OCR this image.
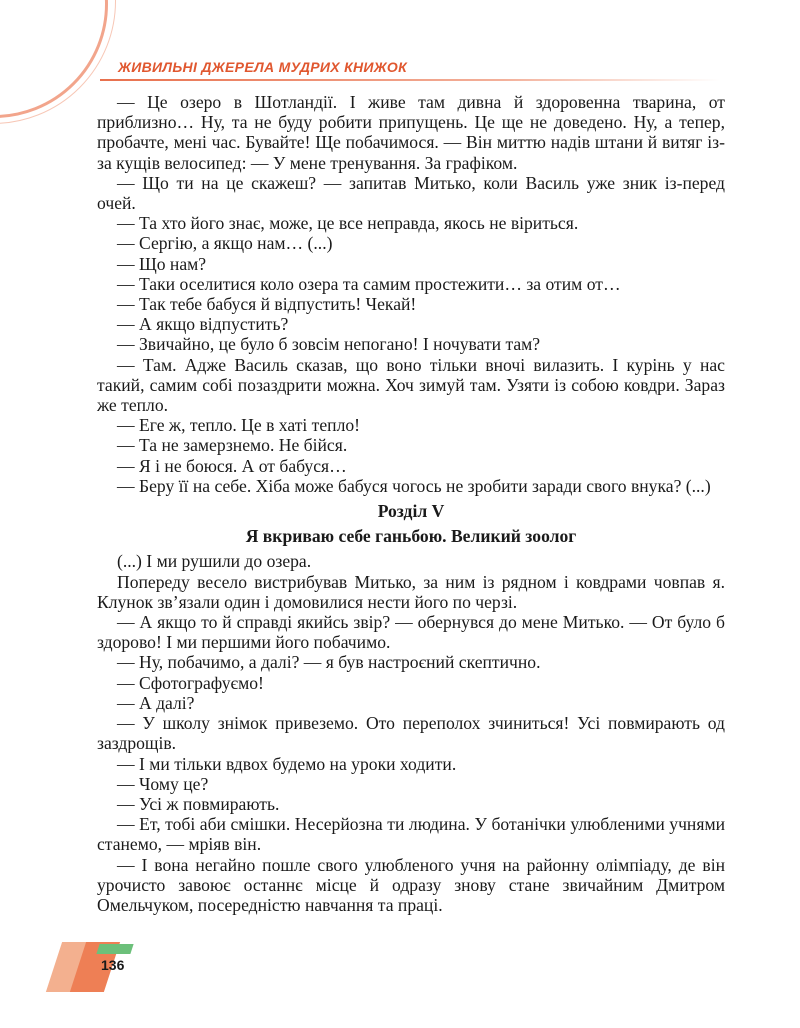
ЖИВИЛЬНІ ДЖЕРЕЛА МУДРИХ КНИЖОК

— Це озеро в Шотландії. І живе там дивна й здоровенна тварина, от приблизно… Ну, та не буду робити припущень. Це ще не доведено. Ну, а тепер, пробачте, мені час. Бувайте! Ще побачимося. — Він миттю надів штани й витяг із-за кущів велосипед: — У мене тренування. За графіком.

— Що ти на це скажеш? — запитав Митько, коли Василь уже зник із-перед очей.

— Та хто його знає, може, це все неправда, якось не віриться.

— Сергію, а якщо нам… (...)

— Що нам?

— Таки оселитися коло озера та самим простежити… за отим от…

— Так тебе бабуся й відпустить! Чекай!

— А якщо відпустить?

— Звичайно, це було б зовсім непогано! І ночувати там?

— Там. Адже Василь сказав, що воно тільки вночі вилазить. І курінь у нас такий, самим собі позаздрити можна. Хоч зимуй там. Узяти із собою ковдри. Зараз же тепло.

— Еге ж, тепло. Це в хаті тепло!

— Та не замерзнемо. Не бійся.

— Я і не боюся. А от бабуся…

— Беру її на себе. Хіба може бабуся чогось не зробити заради свого внука? (...)

Розділ V

Я вкриваю себе ганьбою. Великий зоолог

(...) І ми рушили до озера.

Попереду весело вистрибував Митько, за ним із рядном і ковдрами човпав я. Клунок зв’язали один і домовилися нести його по черзі.

— А якщо то й справді якийсь звір? — обернувся до мене Митько. — От було б здорово! І ми першими його побачимо.

— Ну, побачимо, а далі? — я був настроєний скептично.

— Сфотографуємо!

— А далі?

— У школу знімок привеземо. Ото переполох зчиниться! Усі повмирають од заздрощів.

— І ми тільки вдвох будемо на уроки ходити.

— Чому це?

— Усі ж повмирають.

— Ет, тобі аби смішки. Несерйозна ти людина. У ботанічки улюбленими учнями станемо, — мріяв він.

— І вона негайно пошле свого улюбленого учня на районну олімпіаду, де він урочисто завоює останнє місце й одразу знову стане звичайним Дмитром Омельчуком, посередністю навчання та праці.

136
